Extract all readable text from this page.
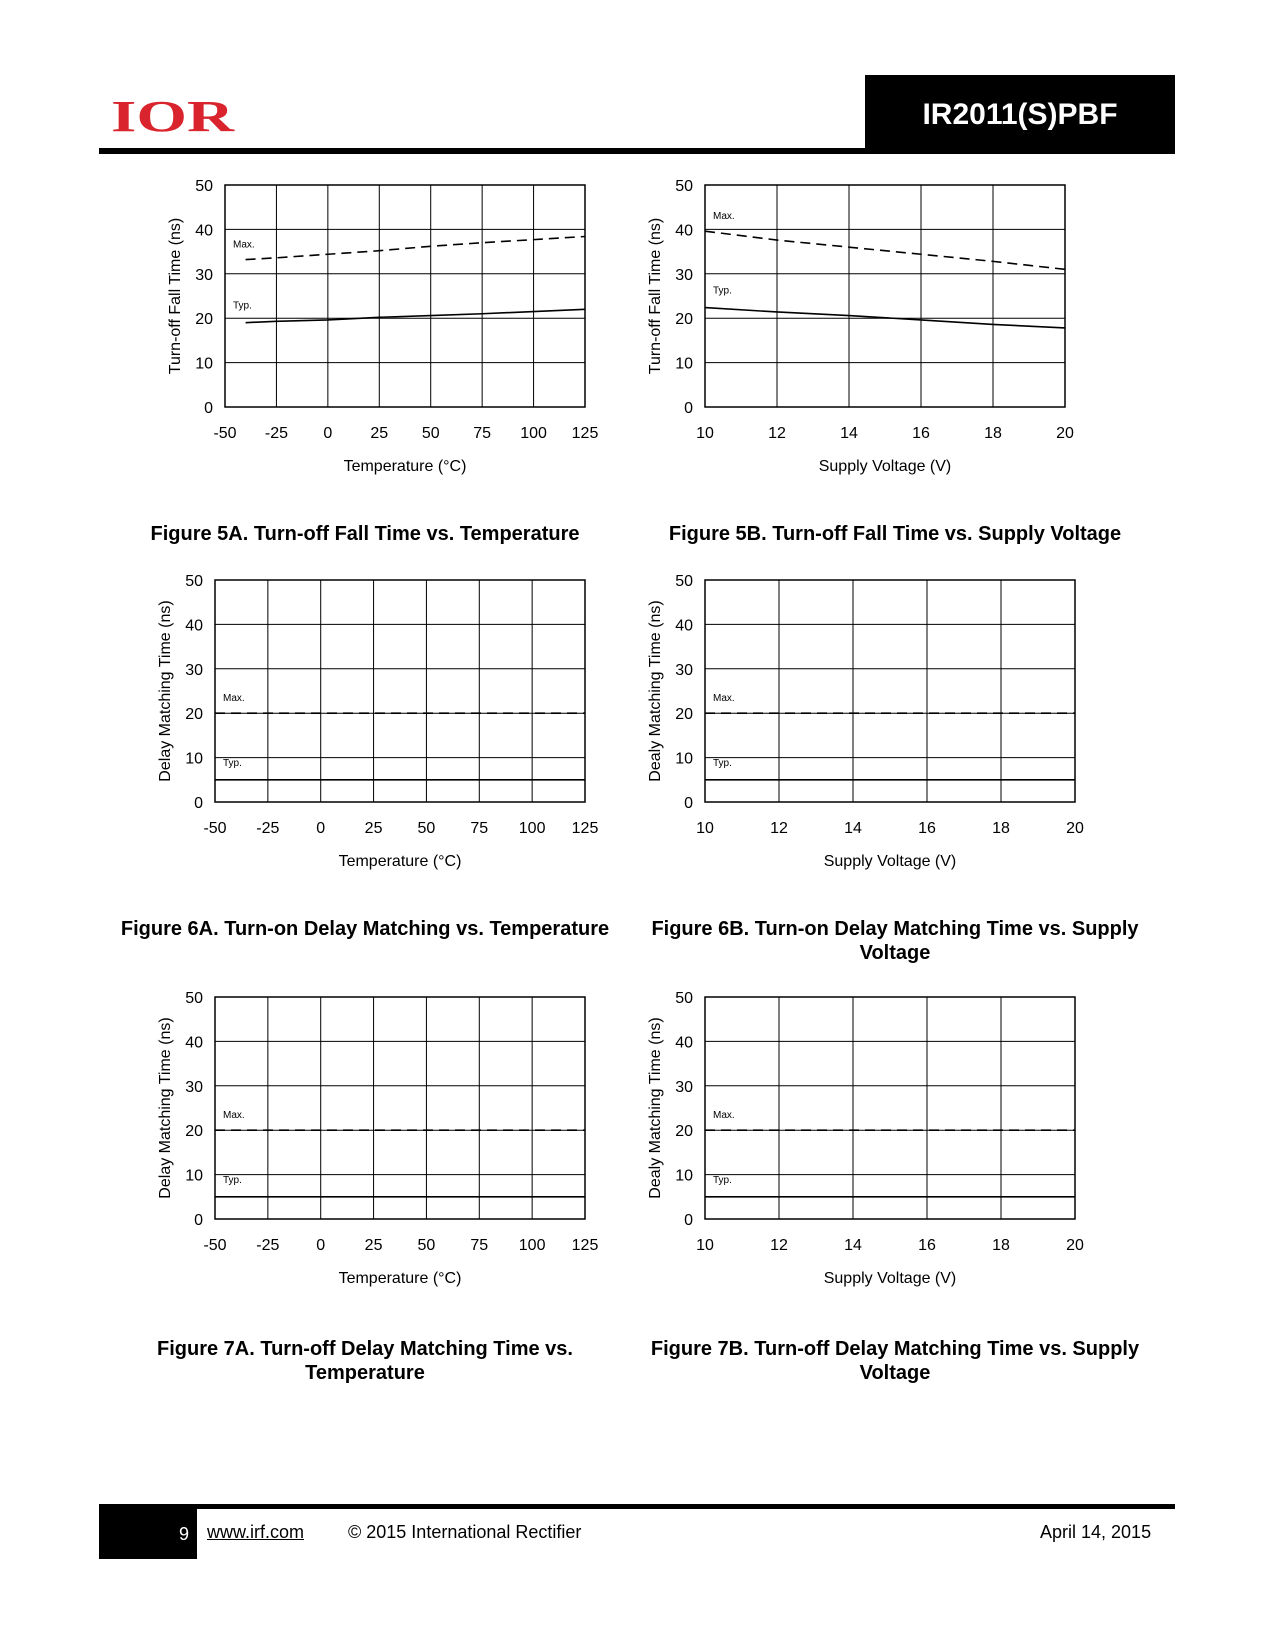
IOR	IR2011(S)PBF
-50 -25 0 25 50 75 100 125
0
10
20
30
40
50
Temperature (°C)
Turn-off Fall Time (ns)	Max.
Typ.
10	12	14	16	18	20
0
10
20
30
40
50
Supply Voltage (V)
Turn-off Fall Time (ns)
Max.
Typ.
-50 -25 0 25 50 75 100 125
0
10
20
30
40
50
Temperature (°C)
Delay Matching Time (ns)	Max.
Typ.
10	12	14	16	18	20
0
10
20
30
40
50
Supply Voltage (V)
Dealy Matching Time (ns)	Max.
Typ.
-50 -25 0 25 50 75 100 125
0
10
20
30
40
50
Temperature (°C)
Delay Matching Time (ns)	Max.
Typ.
10	12	14	16	18	20
0
10
20
30
40
50
Supply Voltage (V)
Dealy Matching Time (ns)	Max.
Typ.
Figure 5A. Turn-off Fall Time vs. Temperature	Figure 5B. Turn-off Fall Time vs. Supply Voltage
Figure 6A. Turn-on Delay Matching vs. Temperature	Figure 6B. Turn-on Delay Matching Time vs. Supply Voltage
Figure 7A. Turn-off Delay Matching Time vs. Temperature
Figure 7B. Turn-off Delay Matching Time vs. Supply Voltage
9 www.irf.com © 2015 International Rectifier	April 14, 2015
